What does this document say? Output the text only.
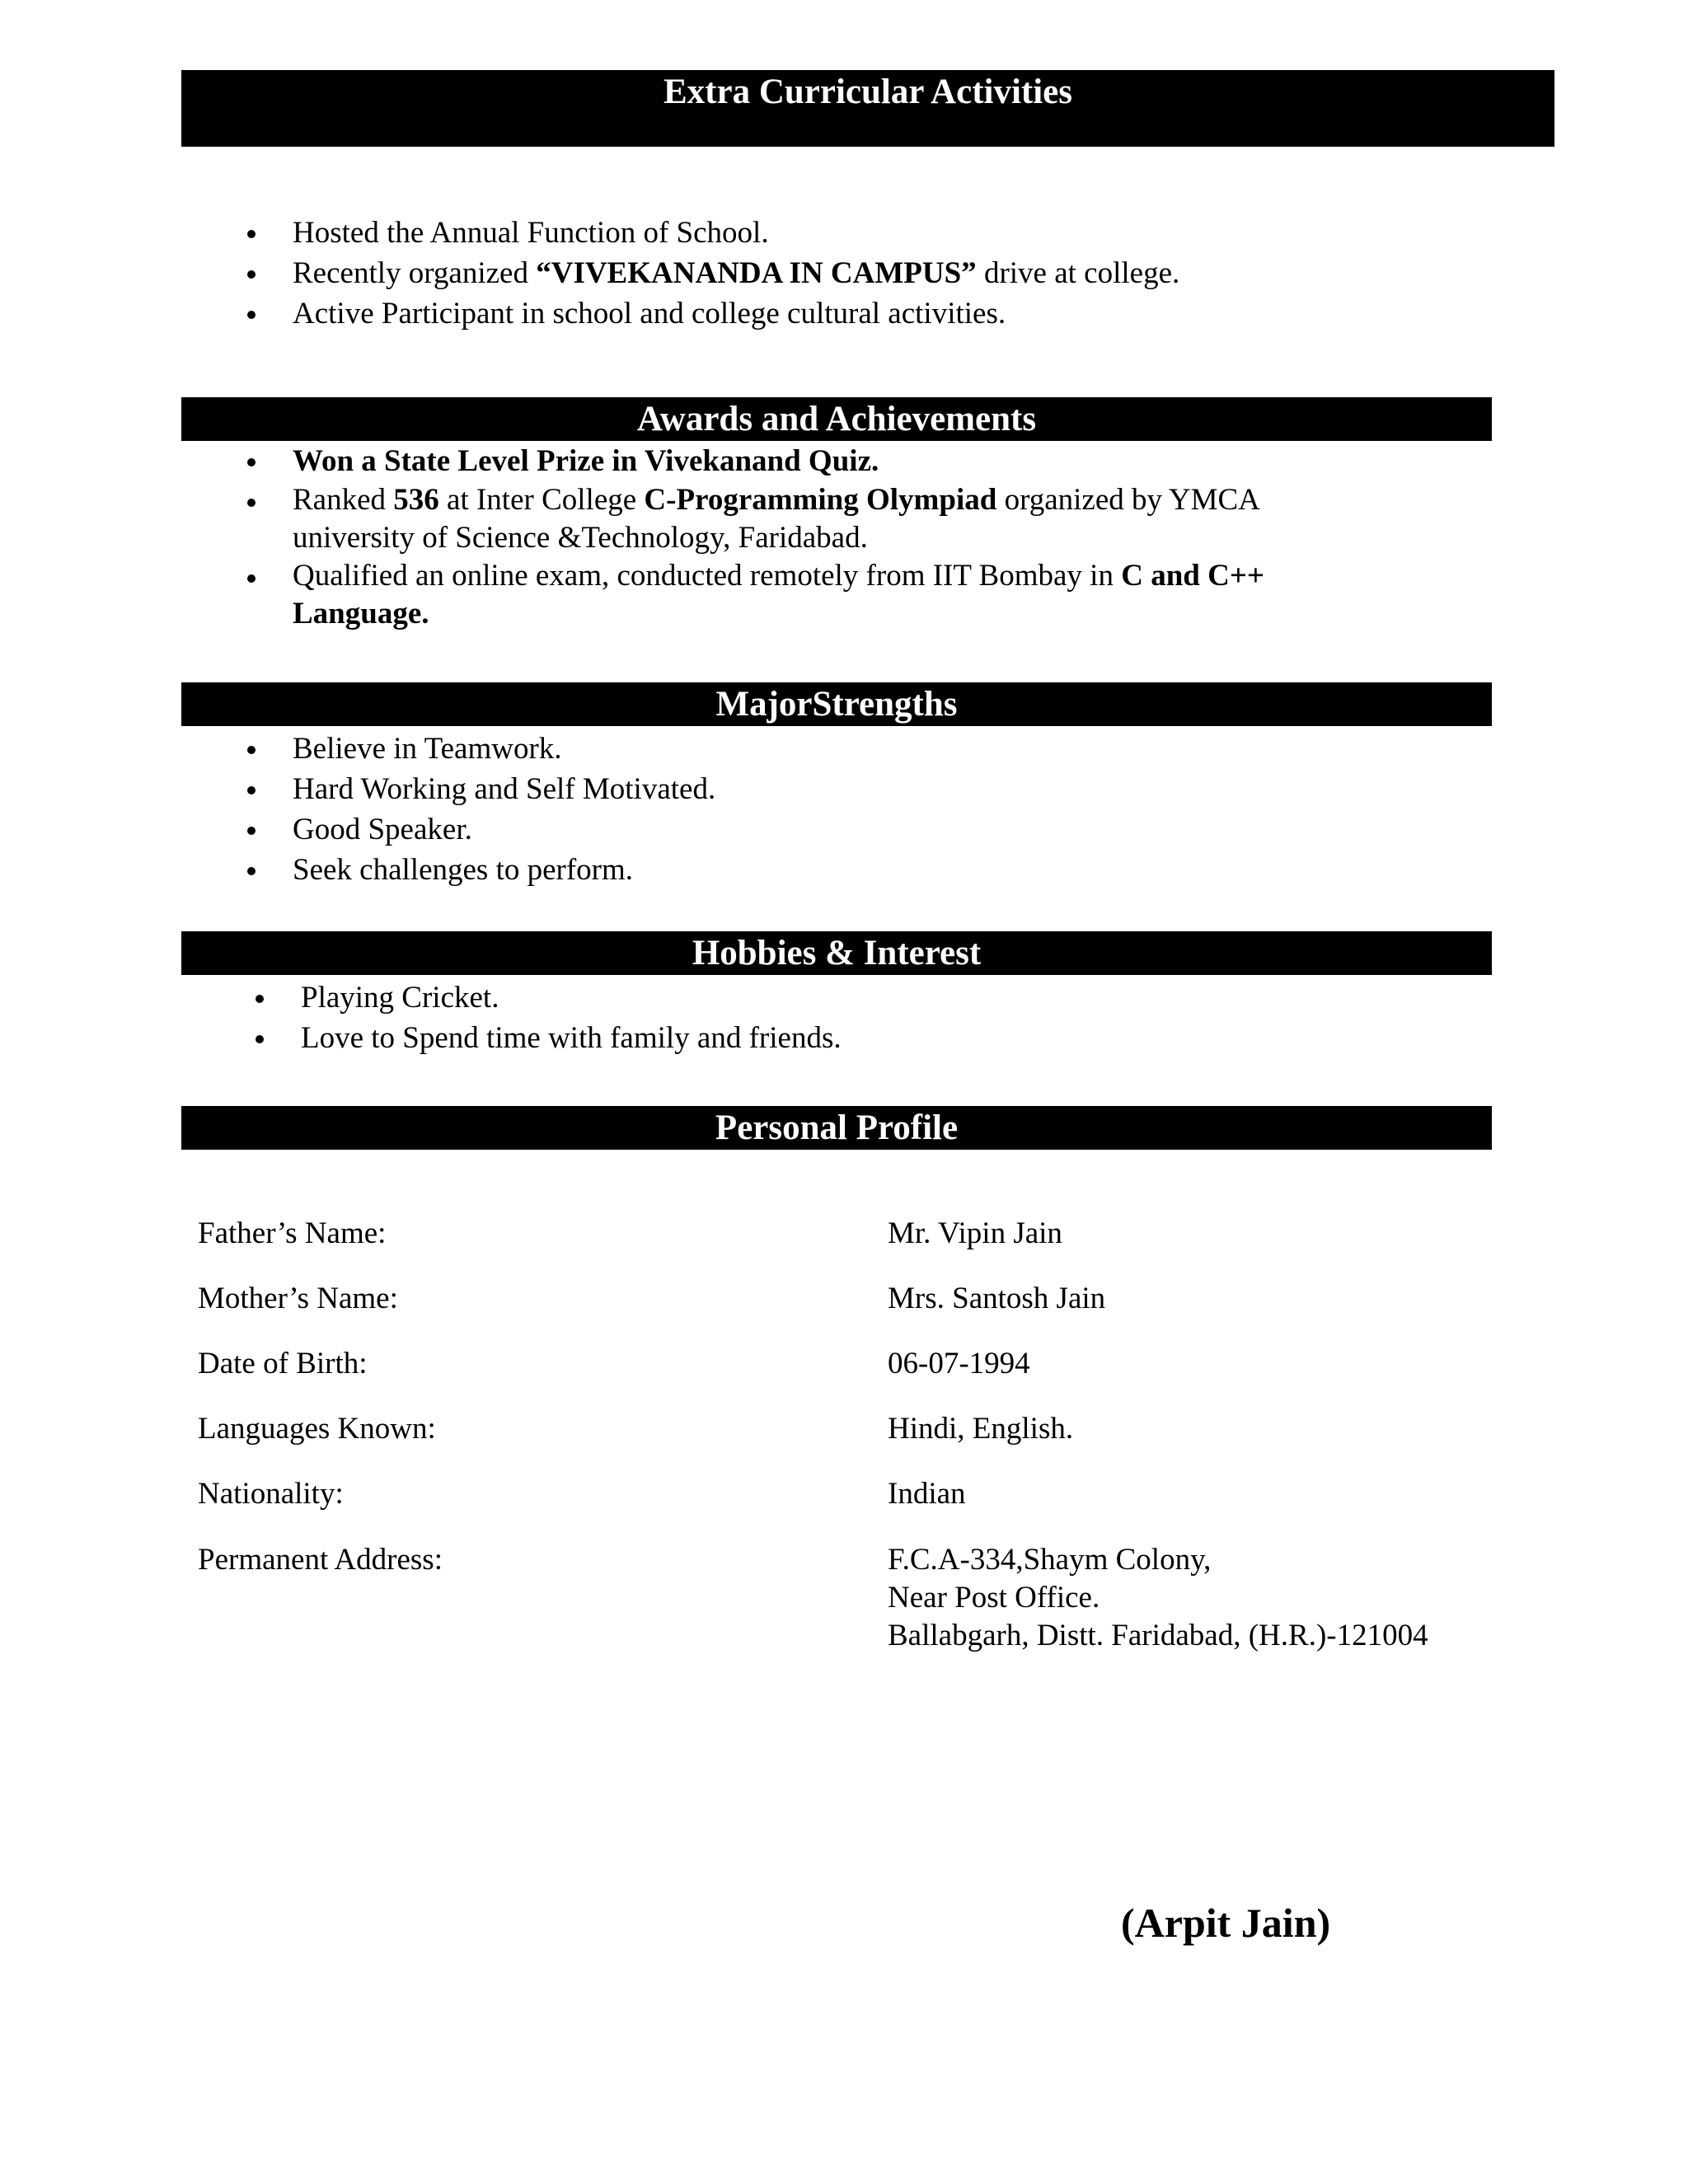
Extra Curricular Activities
Hosted the Annual Function of School.
Recently organized “VIVEKANANDA IN CAMPUS” drive at college.
Active Participant in school and college cultural activities.
Awards and Achievements
Won a State Level Prize in Vivekanand Quiz.
Ranked 536 at Inter College C-Programming Olympiad organized by YMCA university of Science &Technology, Faridabad.
Qualified an online exam, conducted remotely from IIT Bombay in C and C++ Language.
MajorStrengths
Believe in Teamwork.
Hard Working and Self Motivated.
Good Speaker.
Seek challenges to perform.
Hobbies & Interest
Playing Cricket.
Love to Spend time with family and friends.
Personal Profile
Father’s Name:	Mr. Vipin Jain
Mother’s Name:	Mrs. Santosh Jain
Date of Birth:	06-07-1994
Languages Known:	Hindi, English.
Nationality:	Indian
Permanent Address:	F.C.A-334,Shaym Colony,
Near Post Office.
Ballabgarh, Distt. Faridabad, (H.R.)-121004
(Arpit Jain)
